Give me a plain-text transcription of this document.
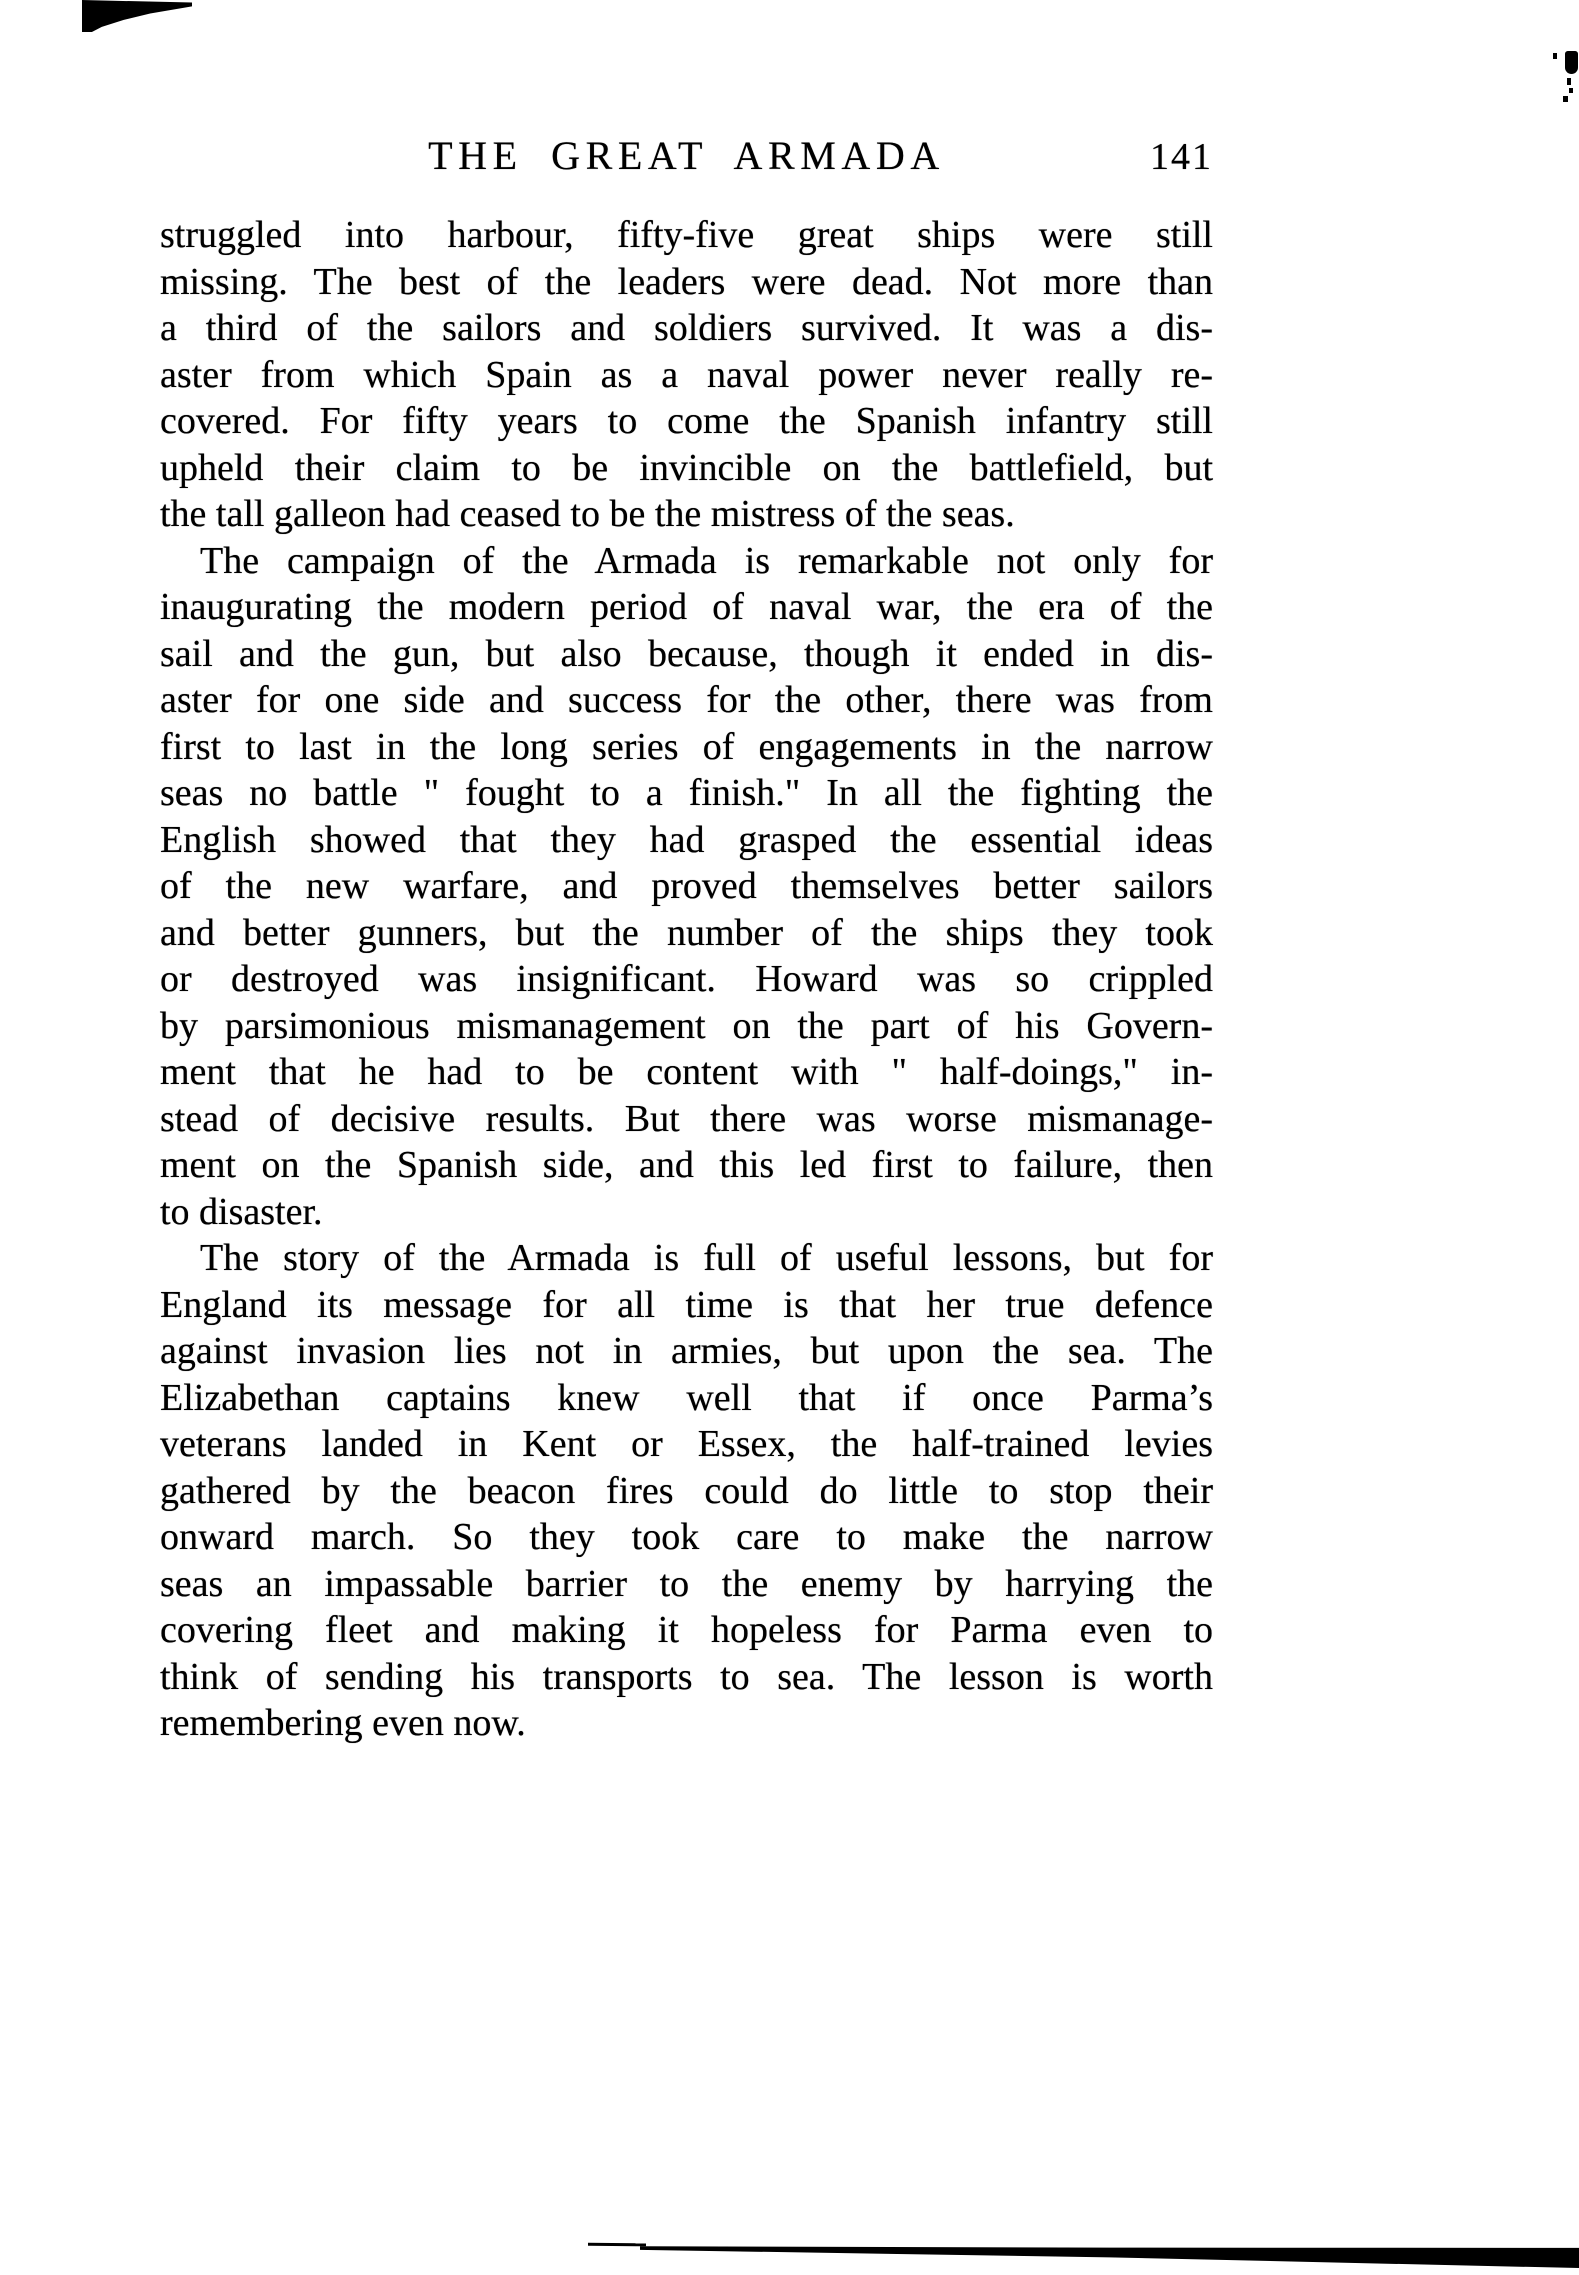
THE GREAT ARMADA	141
struggled into harbour, fifty-five great ships were still
missing. The best of the leaders were dead. Not more than
a third of the sailors and soldiers survived. It was a dis-
aster from which Spain as a naval power never really re-
covered. For fifty years to come the Spanish infantry still
upheld their claim to be invincible on the battlefield, but
the tall galleon had ceased to be the mistress of the seas.
The campaign of the Armada is remarkable not only for
inaugurating the modern period of naval war, the era of the
sail and the gun, but also because, though it ended in dis-
aster for one side and success for the other, there was from
first to last in the long series of engagements in the narrow
seas no battle " fought to a finish." In all the fighting the
English showed that they had grasped the essential ideas
of the new warfare, and proved themselves better sailors
and better gunners, but the number of the ships they took
or destroyed was insignificant. Howard was so crippled
by parsimonious mismanagement on the part of his Govern-
ment that he had to be content with " half-doings," in-
stead of decisive results. But there was worse mismanage-
ment on the Spanish side, and this led first to failure, then
to disaster.
The story of the Armada is full of useful lessons, but for
England its message for all time is that her true defence
against invasion lies not in armies, but upon the sea. The
Elizabethan captains knew well that if once Parma’s
veterans landed in Kent or Essex, the half-trained levies
gathered by the beacon fires could do little to stop their
onward march. So they took care to make the narrow
seas an impassable barrier to the enemy by harrying the
covering fleet and making it hopeless for Parma even to
think of sending his transports to sea. The lesson is worth
remembering even now.
